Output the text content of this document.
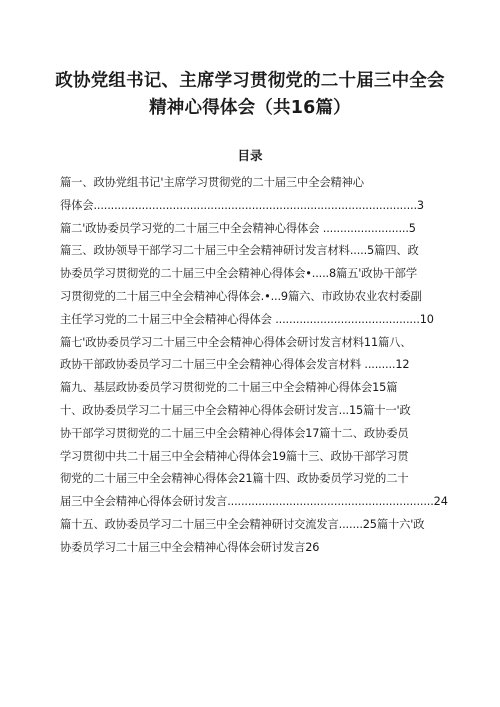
政协党组书记、主席学习贯彻党的二十届三中全会
精神心得体会（共16篇）
目录
篇一、政协党组书记'主席学习贯彻党的二十届三中全会精神心
得体会..............................................................................................3
篇二'政协委员学习党的二十届三中全会精神心得体会 .........................5
篇三、政协领导干部学习二十届三中全会精神研讨发言材料.....5篇四、政
协委员学习贯彻党的二十届三中全会精神心得体会•.....8篇五'政协干部学
习贯彻党的二十届三中全会精神心得体会.•...9篇六、市政协农业农村委副
主任学习党的二十届三中全会精神心得体会 ..........................................10
篇七'政协委员学习二十届三中全会精神心得体会研讨发言材料11篇八、
政协干部政协委员学习二十届三中全会精神心得体会发言材料 .........12
篇九、基层政协委员学习贯彻党的二十届三中全会精神心得体会15篇
十、政协委员学习二十届三中全会精神心得体会研讨发言...15篇十一'政
协干部学习贯彻党的二十届三中全会精神心得体会17篇十二、政协委员
学习贯彻中共二十届三中全会精神心得体会19篇十三、政协干部学习贯
彻党的二十届三中全会精神心得体会21篇十四、政协委员学习党的二十
届三中全会精神心得体会研讨发言............................................................24
篇十五、政协委员学习二十届三中全会精神研讨交流发言.......25篇十六'政
协委员学习二十届三中全会精神心得体会研讨发言26
